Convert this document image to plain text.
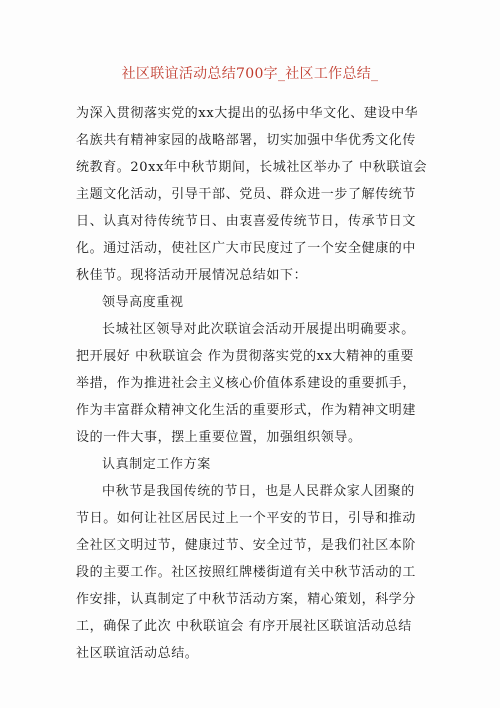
社区联谊活动总结700字_社区工作总结_
为深入贯彻落实党的xx大提出的弘扬中华文化、建设中华
名族共有精神家园的战略部署，切实加强中华优秀文化传
统教育。20xx年中秋节期间，长城社区举办了 中秋联谊会
主题文化活动，引导干部、党员、群众进一步了解传统节
日、认真对待传统节日、由衷喜爱传统节日，传承节日文
化。通过活动，使社区广大市民度过了一个安全健康的中
秋佳节。现将活动开展情况总结如下：
领导高度重视
长城社区领导对此次联谊会活动开展提出明确要求。
把开展好 中秋联谊会 作为贯彻落实党的xx大精神的重要
举措，作为推进社会主义核心价值体系建设的重要抓手，
作为丰富群众精神文化生活的重要形式，作为精神文明建
设的一件大事，摆上重要位置，加强组织领导。
认真制定工作方案
中秋节是我国传统的节日，也是人民群众家人团聚的
节日。如何让社区居民过上一个平安的节日，引导和推动
全社区文明过节，健康过节、安全过节，是我们社区本阶
段的主要工作。社区按照红牌楼街道有关中秋节活动的工
作安排，认真制定了中秋节活动方案，精心策划，科学分
工，确保了此次 中秋联谊会 有序开展社区联谊活动总结
社区联谊活动总结。
